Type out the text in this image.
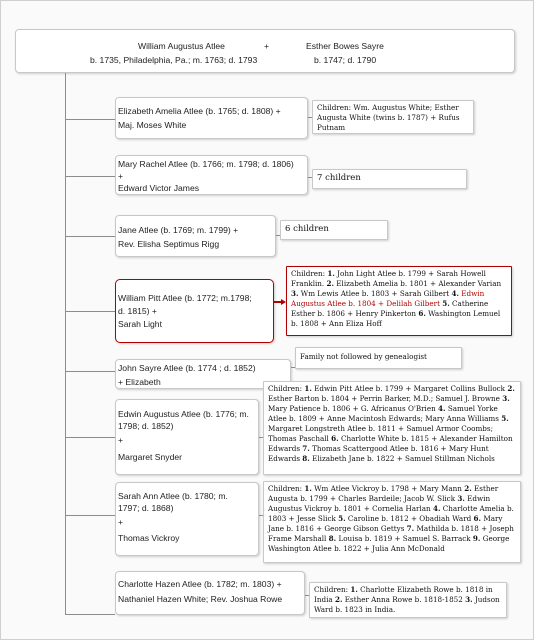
William Augustus Atlee	+	Esther Bowes Sayre
b. 1735, Philadelphia, Pa.; m. 1763; d. 1793	b. 1747; d. 1790
Elizabeth Amelia Atlee (b. 1765; d. 1808) +
Maj. Moses White
Children: Wm. Augustus White; Esther Augusta White (twins b. 1787) + Rufus Putnam
Mary Rachel Atlee (b. 1766; m. 1798; d. 1806)
+
Edward Victor James
7 children
Jane Atlee (b. 1769; m. 1799) +
Rev. Elisha Septimus Rigg
6 children
William Pitt Atlee (b. 1772; m.1798;
d. 1815) +
Sarah Light
Children: 1. John Light Atlee b. 1799 + Sarah Howell Franklin. 2. Elizabeth Amelia b. 1801 + Alexander Varian 3. Wm Lewis Atlee b. 1803 + Sarah Gilbert 4. Edwin Augustus Atlee b. 1804 + Delilah Gilbert 5. Catherine Esther b. 1806 + Henry Pinkerton 6. Washington Lemuel b. 1808 + Ann Eliza Hoff
John Sayre Atlee (b. 1774 ; d. 1852)
+ Elizabeth
Family not followed by genealogist
Edwin Augustus Atlee (b. 1776; m.
1798; d. 1852)
+
Margaret Snyder
Children: 1. Edwin Pitt Atlee b. 1799 + Margaret Collins Bullock 2. Esther Barton b. 1804 + Perrin Barker, M.D.; Samuel J. Browne 3. Mary Patience b. 1806 + G. Africanus O'Brien 4. Samuel Yorke Atlee b. 1809 + Anne Macintosh Edwards; Mary Anna Williams 5. Margaret Longstreth Atlee b. 1811 + Samuel Armor Coombs; Thomas Paschall 6. Charlotte White b. 1815 + Alexander Hamilton Edwards 7. Thomas Scattergood Atlee b. 1816 + Mary Hunt Edwards 8. Elizabeth Jane b. 1822 + Samuel Stillman Nichols
Sarah Ann Atlee (b. 1780; m.
1797; d. 1868)
+
Thomas Vickroy
Children: 1. Wm Atlee Vickroy b. 1798 + Mary Mann 2. Esther Augusta b. 1799 + Charles Bardeile; Jacob W. Slick 3. Edwin Augustus Vickroy b. 1801 + Cornelia Harlan 4. Charlotte Amelia b. 1803 + Jesse Slick 5. Caroline b. 1812 + Obadiah Ward 6. Mary Jane b. 1816 + George Gibson Gettys 7. Mathilda b. 1818 + Joseph Frame Marshall 8. Louisa b. 1819 + Samuel S. Barrack 9. George Washington Atlee b. 1822 + Julia Ann McDonald
Charlotte Hazen Atlee (b. 1782; m. 1803) +
Nathaniel Hazen White; Rev. Joshua Rowe
Children: 1. Charlotte Elizabeth Rowe b. 1818 in India 2. Esther Anna Rowe b. 1818-1852 3. Judson Ward b. 1823 in India.
